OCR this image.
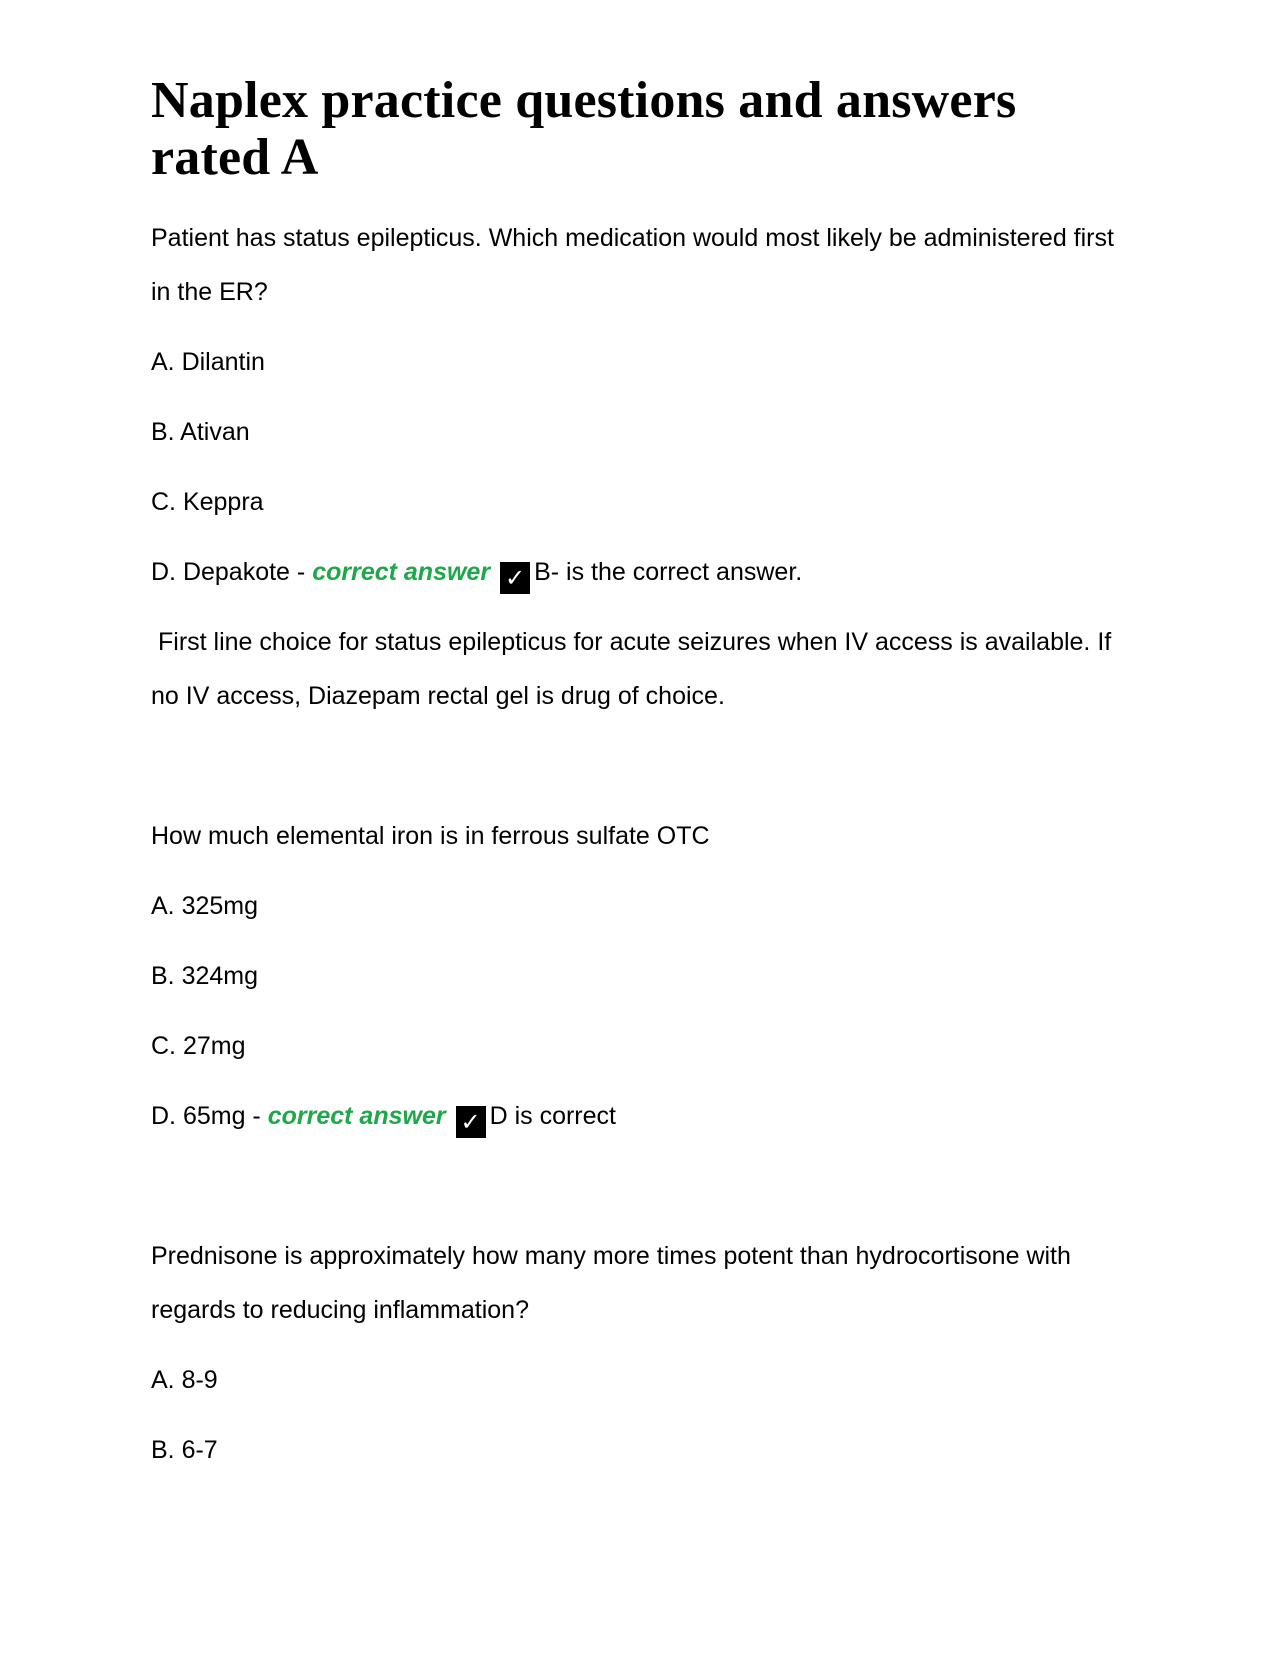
Naplex practice questions and answers rated A

Patient has status epilepticus. Which medication would most likely be administered first in the ER?

A. Dilantin

B. Ativan

C. Keppra

D. Depakote - correct answer ✓ B- is the correct answer.

First line choice for status epilepticus for acute seizures when IV access is available. If no IV access, Diazepam rectal gel is drug of choice.

How much elemental iron is in ferrous sulfate OTC

A. 325mg

B. 324mg

C. 27mg

D. 65mg - correct answer ✓ D is correct

Prednisone is approximately how many more times potent than hydrocortisone with regards to reducing inflammation?

A. 8-9

B. 6-7
